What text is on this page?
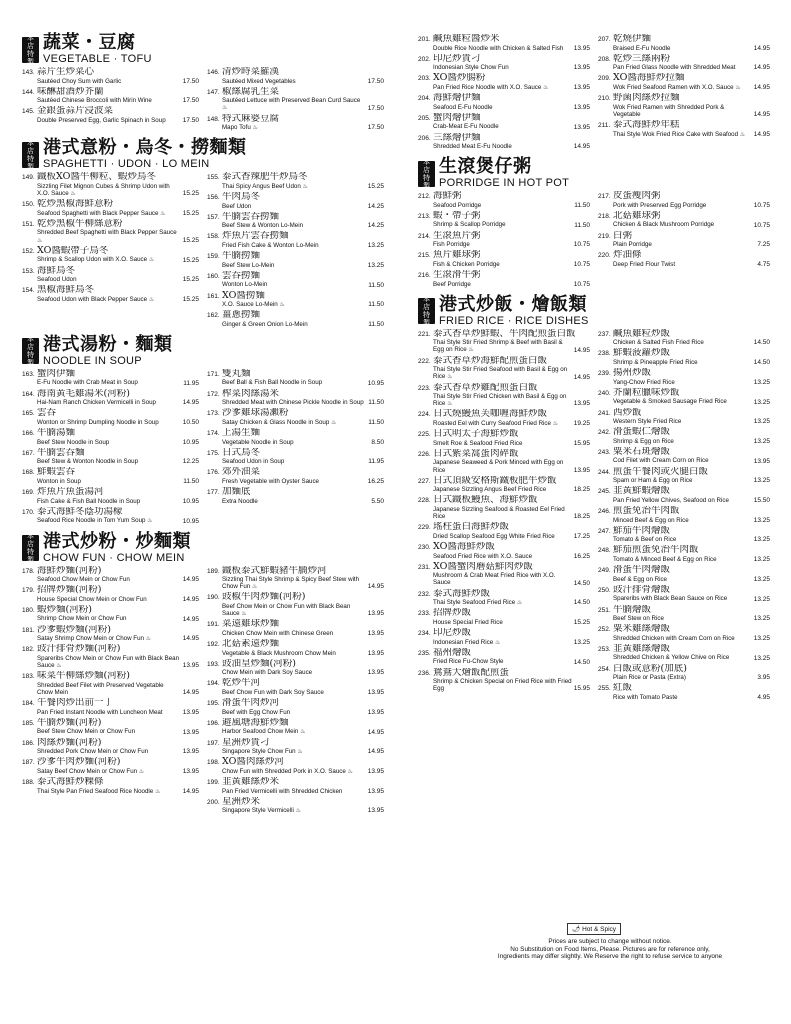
本
店
特
製
蔬菜・豆腐
VEGETABLE · TOFU
143. 蒜片生炒菜心
Sautéed Choy Sum with Garlic	17.50
144. 味醂甜酒炒芥蘭
Sautéed Chinese Broccoli with Mirin Wine	17.50
145. 金銀蛋蒜片浸波菜
Double Preserved Egg, Garlic Spinach in Soup	17.50
146. 清炒時菜羅漢
Sautéed Mixed Vegetables	17.50
147. 椒絲腐乳生菜
Sautéed Lettuce with Preserved Bean Curd Sauce ♨	17.50
148. 特式麻婆豆腐
Mapo Tofu ♨	17.50
本
店
特
製
港式意粉・烏冬・撈麵類
SPAGHETTI · UDON · LO MEIN
149. 鐵板XO醬牛柳粒、蝦炒烏冬
Sizzling Filet Mignon Cubes & Shrimp Udon with X.O. Sauce ♨	15.25
150. 乾炒黑椒海鮮意粉
Seafood Spaghetti with Black Pepper Sauce ♨	15.25
151. 乾炒黑椒牛柳絲意粉
Shredded Beef Spaghetti with Black Pepper Sauce ♨	15.25
152. XO醬蝦帶子烏冬
Shrimp & Scallop Udon with X.O. Sauce ♨	15.25
153. 海鮮烏冬
Seafood Udon	15.25
154. 黑椒海鮮烏冬
Seafood Udon with Black Pepper Sauce ♨	15.25
155. 泰式香辣肥牛炒烏冬
Thai Spicy Angus Beef Udon ♨	15.25
156. 牛肉烏冬
Beef Udon	14.25
157. 牛腩雲吞撈麵
Beef Stew & Wonton Lo-Mein	14.25
158. 炸魚片雲吞撈麵
Fried Fish Cake & Wonton Lo-Mein	13.25
159. 牛腩撈麵
Beef Stew Lo-Mein	13.25
160. 雲吞撈麵
Wonton Lo-Mein	11.50
161. XO醬撈麵
X.O. Sauce Lo-Mein ♨	11.50
162. 薑蔥撈麵
Ginger & Green Onion Lo-Mein	11.50
本
店
特
製
港式湯粉・麵類
NOODLE IN SOUP
163. 蟹肉伊麵
E-Fu Noodle with Crab Meat in Soup	11.95
164. 海南黃毛雞湯米(河粉)
Hai-Nam Ranch Chicken Vermicelli in Soup	14.95
165. 雲吞
Wonton or Shrimp Dumpling Noodle in Soup	10.50
166. 牛腩湯麵
Beef Stew Noodle in Soup	10.95
167. 牛腩雲吞麵
Beef Stew & Wonton Noodle in Soup	12.25
168. 鮮蝦雲吞
Wonton in Soup	11.50
169. 炸魚片魚蛋湯河
Fish Cake & Fish Ball Noodle in Soup	10.95
170. 泰式海鮮冬蔭功湯檬
Seafood Rice Noodle in Tom Yum Soup ♨	10.95
171. 雙丸麵
Beef Ball & Fish Ball Noodle in Soup	10.95
172. 榨菜肉絲湯米
Shredded Meat with Chinese Pickle Noodle in Soup 11.50
173. 沙爹雞球湯瀨粉
Satay Chicken & Glass Noodle in Soup ♨	11.50
174. 上湯生麵
Vegetable Noodle in Soup	8.50
175. 日式烏冬
Seafood Udon in Soup	11.95
176. 郊外油菜
Fresh Vegetable with Oyster Sauce	16.25
177. 加麵底
Extra Noodle	5.50
本
店
特
製
港式炒粉・炒麵類
CHOW FUN · CHOW MEIN
178. 海鮮炒麵(河粉)
Seafood Chow Mein or Chow Fun	14.95
179. 招牌炒麵(河粉)
House Special Chow Mein or Chow Fun	14.95
180. 蝦炒麵(河粉)
Shrimp Chow Mein or Chow Fun	14.95
181. 沙爹蝦炒麵(河粉)
Satay Shrimp Chow Mein or Chow Fun ♨	14.95
182. 豉汁排骨炒麵(河粉)
Spareribs Chow Mein or Chow Fun with Black Bean Sauce ♨	13.95
183. 味菜牛柳絲炒麵(河粉)
Shredded Beef Filet with Preserved Vegetable Chow Mein	14.95
184. 午餐肉炒出前一丁
Pan Fried Instant Noodle with Luncheon Meat	13.95
185. 牛腩炒麵(河粉)
Beef Stew Chow Mein or Chow Fun	13.95
186. 肉絲炒麵(河粉)
Shredded Pork Chow Mein or Chow Fun	13.95
187. 沙爹牛肉炒麵(河粉)
Satay Beef Chow Mein or Chow Fun ♨	13.95
188. 泰式海鮮炒粿條
Thai Style Pan Fried Seafood Rice Noodle ♨	14.95
189. 鐵板泰式鮮蝦豬牛腩炒河
Sizzling Thai Style Shrimp & Spicy Beef Stew with Chow Fun ♨	14.95
190. 豉椒牛肉炒麵(河粉)
Beef Chow Mein or Chow Fun with Black Bean Sauce ♨	13.95
191. 菜遠雞球炒麵
Chicken Chow Mein with Chinese Green	13.95
192. 北菇素遠炒麵
Vegetable & Black Mushroom Chow Mein	13.95
193. 豉油皇炒麵(河粉)
Chow Mein with Dark Soy Sauce	13.95
194. 乾炒牛河
Beef Chow Fun with Dark Soy Sauce	13.95
195. 滑蛋牛肉炒河
Beef with Egg Chow Fun	13.95
196. 避風塘海鮮炒麵
Harbor Seafood Chow Mein ♨	14.95
197. 星洲炒貴刁
Singapore Style Chow Fun ♨	14.95
198. XO醬肉絲炒河
Chow Fun with Shredded Pork in X.O. Sauce ♨	13.95
199. 韭黃雞絲炒米
Pan Fried Vermicelli with Shredded Chicken	13.95
200. 星洲炒米
Singapore Style Vermicelli ♨	13.95
201. 鹹魚雞粒醬炒米
Double Rice Noodle with Chicken & Salted Fish	13.95
202. 印尼炒貴刁
Indonesian Style Chow Fun	13.95
203. XO醬炒腸粉
Pan Fried Rice Noodle with X.O. Sauce ♨	13.95
204. 海鮮燴伊麵
Seafood E-Fu Noodle	13.95
205. 蟹肉燴伊麵
Crab-Meat E-Fu Noodle	13.95
206. 三絲燴伊麵
Shredded Meat E-Fu Noodle	14.95
207. 乾燒伊麵
Braised E-Fu Noodle	14.95
208. 乾炒三絲兩粉
Pan Fried Glass Noodle with Shredded Meat	14.95
209. XO醬海鮮炒拉麵
Wok Fried Seafood Ramen with X.O. Sauce ♨	14.95
210. 野菌肉絲炒拉麵
Wok Fried Ramen with Shredded Pork & Vegetable	14.95
211. 泰式海鮮炒年糕
Thai Style Wok Fried Rice Cake with Seafood ♨	14.95
本
店
特
製
生滾煲仔粥
PORRIDGE IN HOT POT
212. 海鮮粥
Seafood Porridge	11.50
213. 蝦・帶子粥
Shrimp & Scallop Porridge	11.50
214. 生滾魚片粥
Fish Porridge	10.75
215. 魚片雞球粥
Fish & Chicken Porridge	10.75
216. 生滾滑牛粥
Beef Porridge	10.75
217. 皮蛋瘦肉粥
Pork with Preserved Egg Porridge	10.75
218. 北菇雞球粥
Chicken & Black Mushroom Porridge	10.75
219. 白粥
Plain Porridge	7.25
220. 炸油條
Deep Fried Flour Twist	4.75
本
店
特
製
港式炒飯・燴飯類
FRIED RICE · RICE DISHES
221. 泰式香草炒鮮蝦、牛肉配煎蛋白飯
Thai Style Stir Fried Shrimp & Beef with Basil & Egg on Rice ♨	14.95
222. 泰式香草炒海鮮配煎蛋白飯
Thai Style Stir Fried Seafood with Basil & Egg on Rice ♨	14.95
223. 泰式香草炒雞配煎蛋白飯
Thai Style Stir Fried Chicken with Basil & Egg on Rice ♨	13.95
224. 日式燒鰻魚芙咖喱海鮮炒飯
Roasted Eel with Curry Seafood Fried Rice ♨	19.25
225. 日式明太子海鮮炒飯
Smelt Roe & Seafood Fried Rice	15.95
226. 日式紫菜窩蛋肉碎飯
Japanese Seaweed & Pork Minced with Egg on Rice	13.95
227. 日式頂級安格斯鐵板肥牛炒飯
Japanese Sizzling Angus Beef Fried Rice	18.25
228. 日式鐵板鰻魚、海鮮炒飯
Japanese Sizzling Seafood & Roasted Eel Fried Rice	18.25
229. 瑤柱蛋白海鮮炒飯
Dried Scallop Seafood Egg White Fried Rice	17.25
230. XO醬海鮮炒飯
Seafood Fried Rice with X.O. Sauce	16.25
231. XO醬蟹肉蘑菇鮮肉炒飯
Mushroom & Crab Meat Fried Rice with X.O. Sauce	14.50
232. 泰式海鮮炒飯
Thai Style Seafood Fried Rice ♨	14.50
233. 招牌炒飯
House Special Fried Rice	15.25
234. 印尼炒飯
Indonesian Fried Rice ♨	13.25
235. 福州燴飯
Fried Rice Fu-Chow Style	14.50
236. 鴛鴦大燴飯配煎蛋
Shrimp & Chicken Special on Fried Rice with Fried Egg	15.95
237. 鹹魚雞粒炒飯
Chicken & Salted Fish Fried Rice	14.50
238. 鮮蝦菠蘿炒飯
Shrimp & Pineapple Fried Rice	14.50
239. 揚州炒飯
Yang-Chow Fried Rice	13.25
240. 芥蘭粒臘味炒飯
Vegetable & Smoked Sausage Fried Rice	13.25
241. 西炒飯
Western Style Fried Rice	13.25
242. 滑蛋蝦仁燴飯
Shrimp & Egg on Rice	13.25
243. 粟米石斑燴飯
Cod Filet with Cream Corn on Rice	13.95
244. 煎蛋午餐肉或火腿白飯
Spam or Ham & Egg on Rice	13.25
245. 韭黃鮮蝦燴飯
Pan Fried Yellow Chives, Seafood on Rice	15.50
246. 煎蛋免治牛肉飯
Minced Beef & Egg on Rice	13.25
247. 鮮茄牛肉燴飯
Tomato & Beef on Rice	13.25
248. 鮮茄煎蛋免治牛肉飯
Tomato & Minced Beef & Egg on Rice	13.25
249. 滑蛋牛肉燴飯
Beef & Egg on Rice	13.25
250. 豉汁排骨燴飯
Spareribs with Black Bean Sauce on Rice	13.25
251. 牛腩燴飯
Beef Stew on Rice	13.25
252. 粟米雞絲燴飯
Shredded Chicken with Cream Corn on Rice	13.25
253. 韭黃雞絲燴飯
Shredded Chicken & Yellow Chive on Rice	13.25
254. 白飯或意粉(加底)
Plain Rice or Pasta (Extra)	3.95
255. 紅飯
Rice with Tomato Paste	4.95
🌶 Hot & Spicy
Prices are subject to change without notice.
No Substitution on Food Items, Please. Pictures are for reference only,
Ingredients may differ slightly. We Reserve the right to refuse service to anyone
